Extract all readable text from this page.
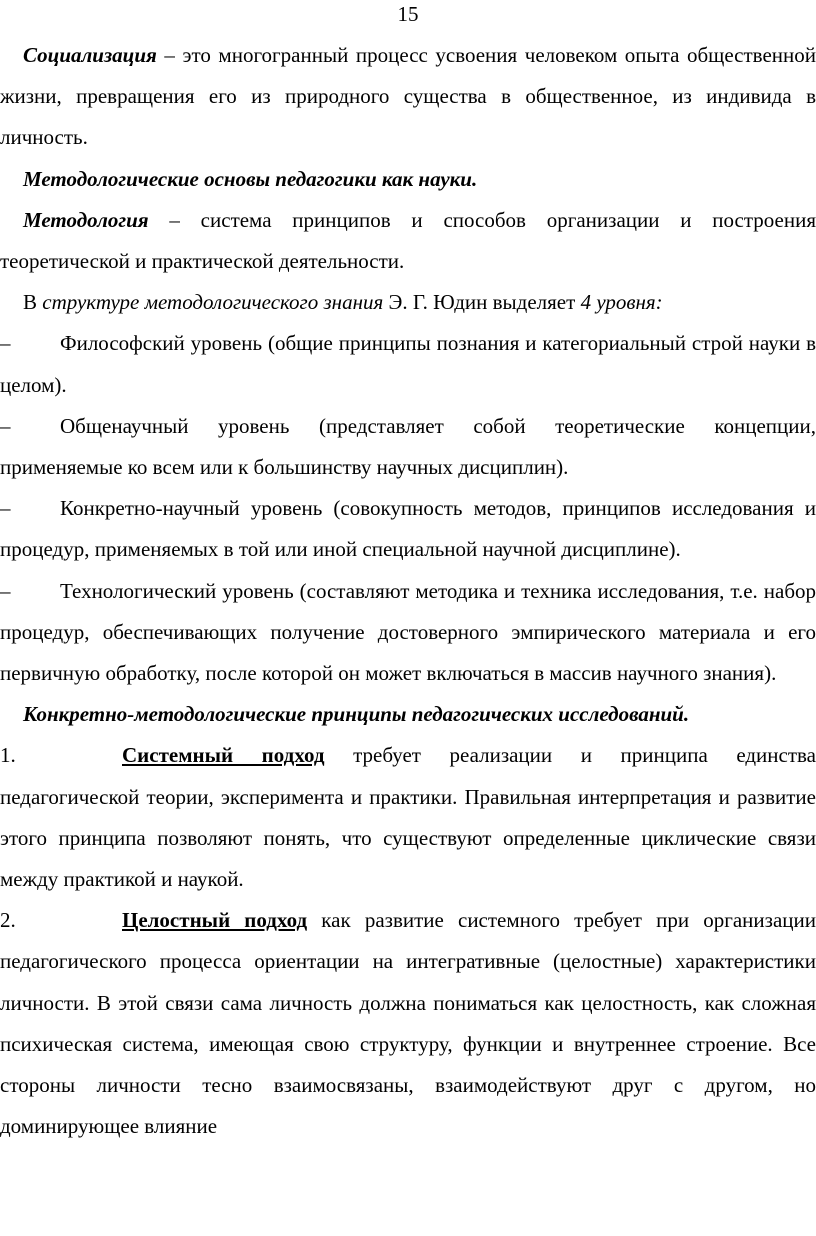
15

Социализация – это многогранный процесс усвоения человеком опыта общественной жизни, превращения его из природного существа в общественное, из индивида в личность.

Методологические основы педагогики как науки.

Методология – система принципов и способов организации и построения теоретической и практической деятельности.

В структуре методологического знания Э. Г. Юдин выделяет 4 уровня:

– Философский уровень (общие принципы познания и категориальный строй науки в целом).

– Общенаучный уровень (представляет собой теоретические концепции, применяемые ко всем или к большинству научных дисциплин).

– Конкретно-научный уровень (совокупность методов, принципов исследования и процедур, применяемых в той или иной специальной научной дисциплине).

– Технологический уровень (составляют методика и техника исследования, т.е. набор процедур, обеспечивающих получение достоверного эмпирического материала и его первичную обработку, после которой он может включаться в массив научного знания).

Конкретно-методологические принципы педагогических исследований.

1.	Системный подход требует реализации и принципа единства педагогической теории, эксперимента и практики. Правильная интерпретация и развитие этого принципа позволяют понять, что существуют определенные циклические связи между практикой и наукой.

2.	Целостный подход как развитие системного требует при организации педагогического процесса ориентации на интегративные (целостные) характеристики личности. В этой связи сама личность должна пониматься как целостность, как сложная психическая система, имеющая свою структуру, функции и внутреннее строение. Все стороны личности тесно взаимосвязаны, взаимодействуют друг с другом, но доминирующее влияние
